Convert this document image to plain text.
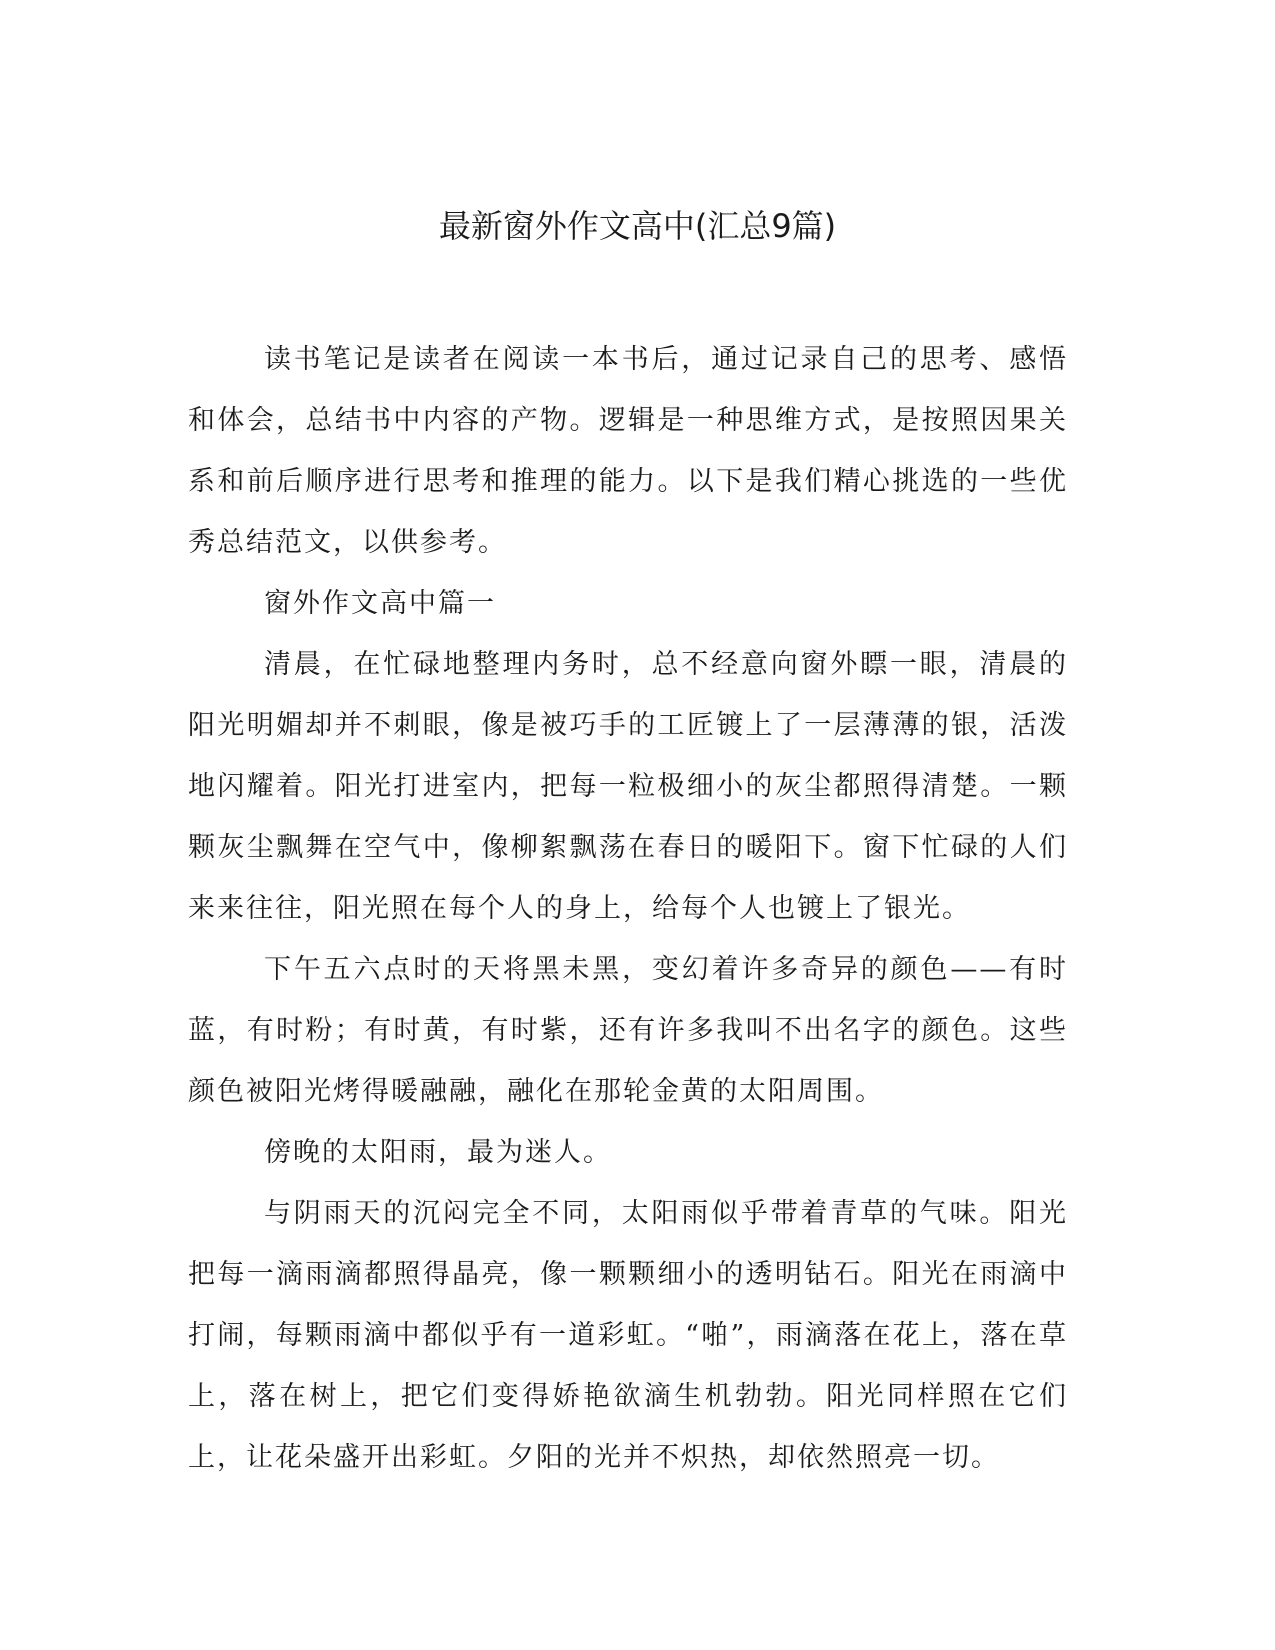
最新窗外作文高中(汇总9篇)

读书笔记是读者在阅读一本书后，通过记录自己的思考、感悟和体会，总结书中内容的产物。逻辑是一种思维方式，是按照因果关系和前后顺序进行思考和推理的能力。以下是我们精心挑选的一些优秀总结范文，以供参考。

窗外作文高中篇一

清晨，在忙碌地整理内务时，总不经意向窗外瞟一眼，清晨的阳光明媚却并不刺眼，像是被巧手的工匠镀上了一层薄薄的银，活泼地闪耀着。阳光打进室内，把每一粒极细小的灰尘都照得清楚。一颗颗灰尘飘舞在空气中，像柳絮飘荡在春日的暖阳下。窗下忙碌的人们来来往往，阳光照在每个人的身上，给每个人也镀上了银光。

下午五六点时的天将黑未黑，变幻着许多奇异的颜色——有时蓝，有时粉；有时黄，有时紫，还有许多我叫不出名字的颜色。这些颜色被阳光烤得暖融融，融化在那轮金黄的太阳周围。

傍晚的太阳雨，最为迷人。

与阴雨天的沉闷完全不同，太阳雨似乎带着青草的气味。阳光把每一滴雨滴都照得晶亮，像一颗颗细小的透明钻石。阳光在雨滴中打闹，每颗雨滴中都似乎有一道彩虹。“啪”，雨滴落在花上，落在草上，落在树上，把它们变得娇艳欲滴生机勃勃。阳光同样照在它们上，让花朵盛开出彩虹。夕阳的光并不炽热，却依然照亮一切。
